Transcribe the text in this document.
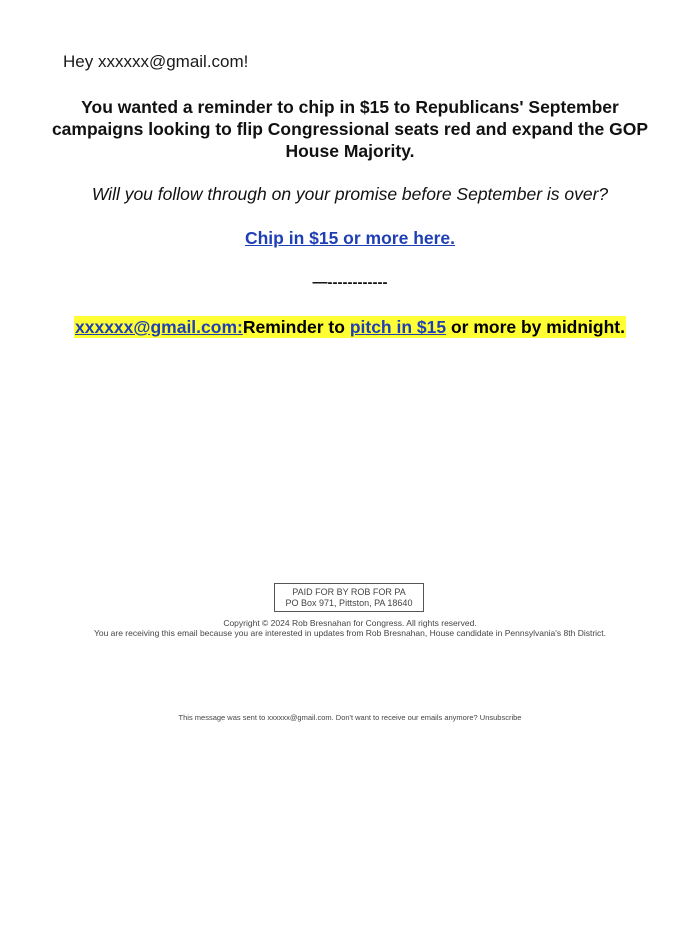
Hey xxxxxx@gmail.com!
You wanted a reminder to chip in $15 to Republicans' September campaigns looking to flip Congressional seats red and expand the GOP House Majority.
Will you follow through on your promise before September is over?
Chip in $15 or more here.
—------------
xxxxxx@gmail.com:Reminder to pitch in $15 or more by midnight.
PAID FOR BY ROB FOR PA
PO Box 971, Pittston, PA 18640
Copyright © 2024 Rob Bresnahan for Congress. All rights reserved.
You are receiving this email because you are interested in updates from Rob Bresnahan, House candidate in Pennsylvania's 8th District.
This message was sent to xxxxxx@gmail.com. Don't want to receive our emails anymore? Unsubscribe
